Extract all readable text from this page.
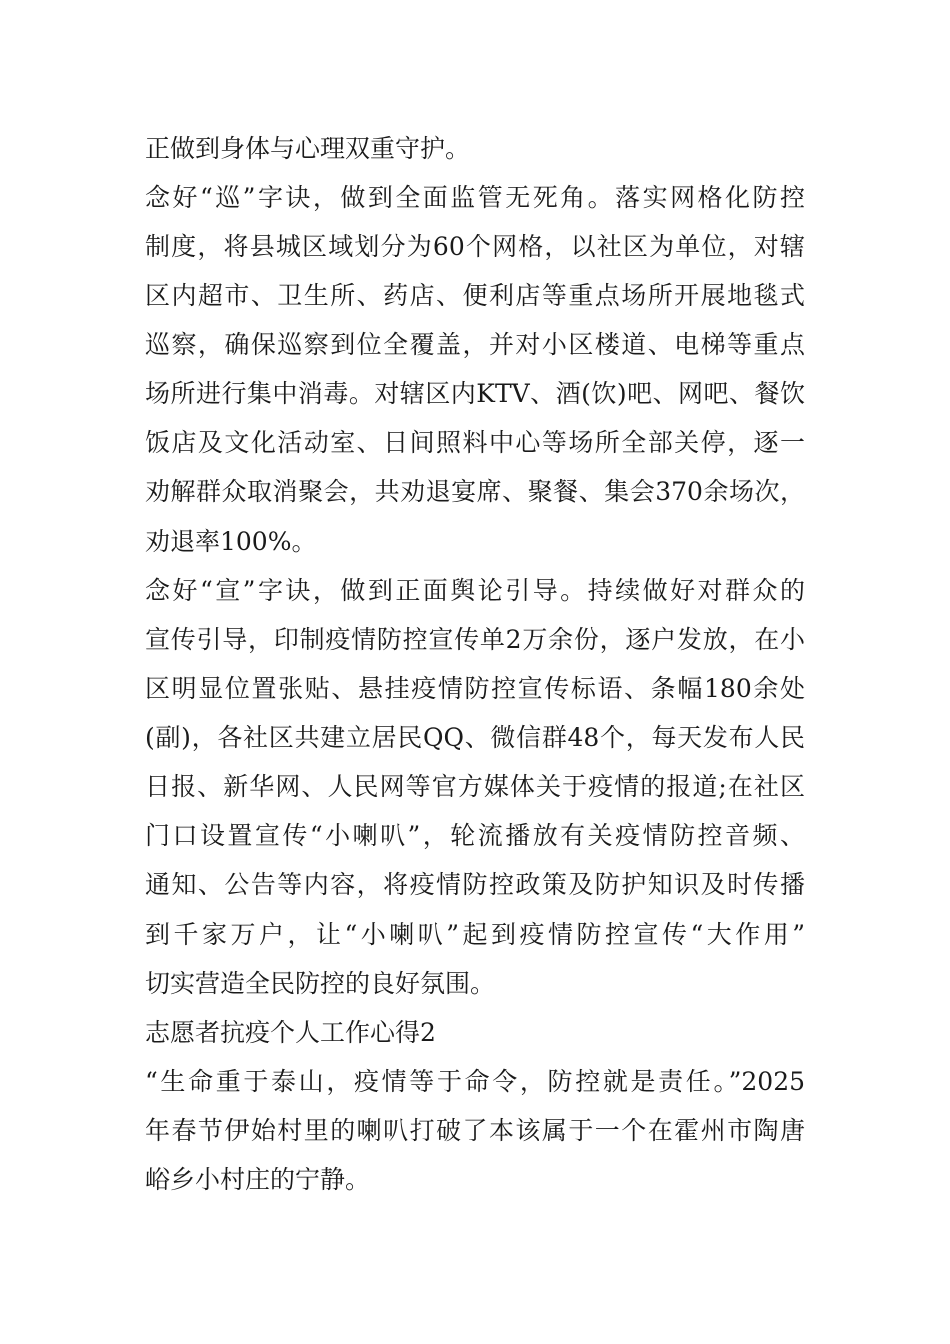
正做到身体与心理双重守护。
念好“巡”字诀，做到全面监管无死角。落实网格化防控
制度，将县城区域划分为60个网格，以社区为单位，对辖
区内超市、卫生所、药店、便利店等重点场所开展地毯式
巡察，确保巡察到位全覆盖，并对小区楼道、电梯等重点
场所进行集中消毒。对辖区内KTV、酒(饮)吧、网吧、餐饮
饭店及文化活动室、日间照料中心等场所全部关停，逐一
劝解群众取消聚会，共劝退宴席、聚餐、集会370余场次，
劝退率100%。
念好“宣”字诀，做到正面舆论引导。持续做好对群众的
宣传引导，印制疫情防控宣传单2万余份，逐户发放，在小
区明显位置张贴、悬挂疫情防控宣传标语、条幅180余处
(副)，各社区共建立居民QQ、微信群48个，每天发布人民
日报、新华网、人民网等官方媒体关于疫情的报道;在社区
门口设置宣传“小喇叭”，轮流播放有关疫情防控音频、
通知、公告等内容，将疫情防控政策及防护知识及时传播
到千家万户，让“小喇叭”起到疫情防控宣传“大作用”
切实营造全民防控的良好氛围。
志愿者抗疫个人工作心得2
“生命重于泰山，疫情等于命令，防控就是责任。”2025
年春节伊始村里的喇叭打破了本该属于一个在霍州市陶唐
峪乡小村庄的宁静。
